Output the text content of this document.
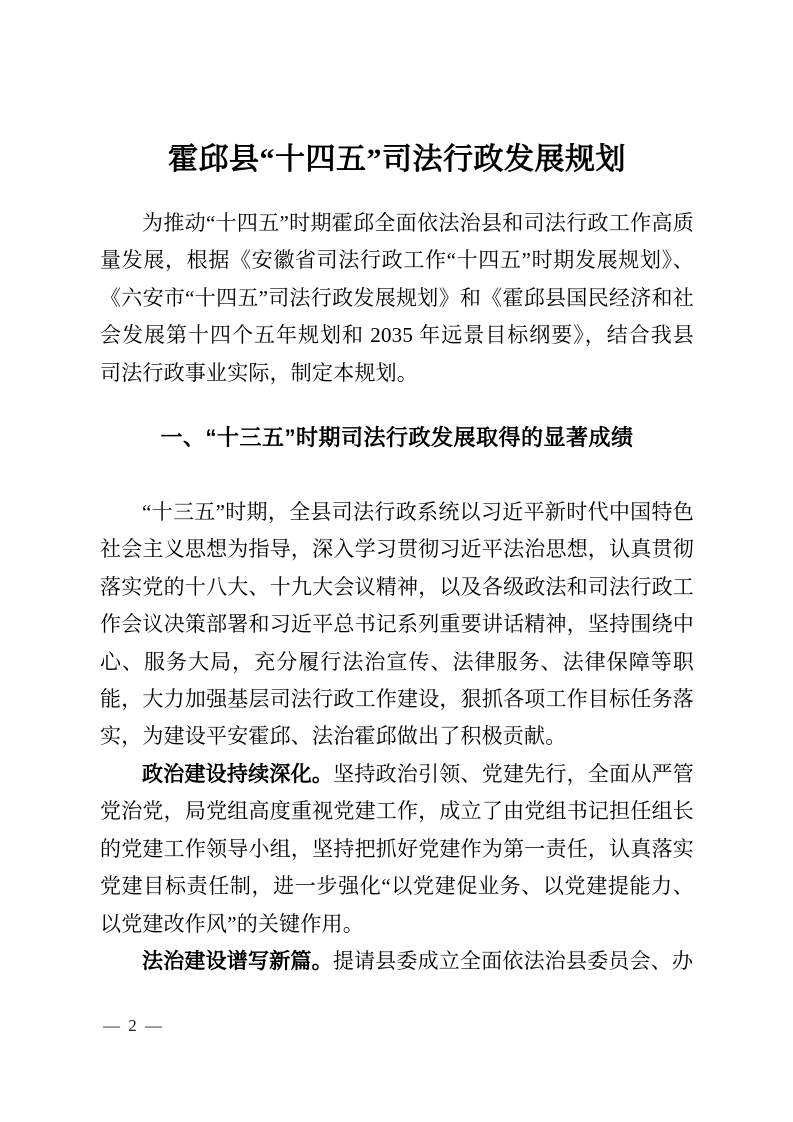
霍邱县“十四五”司法行政发展规划

为推动“十四五”时期霍邱全面依法治县和司法行政工作高质量发展，根据《安徽省司法行政工作“十四五”时期发展规划》、《六安市“十四五”司法行政发展规划》和《霍邱县国民经济和社会发展第十四个五年规划和 2035 年远景目标纲要》，结合我县司法行政事业实际，制定本规划。

一、“十三五”时期司法行政发展取得的显著成绩

“十三五”时期，全县司法行政系统以习近平新时代中国特色社会主义思想为指导，深入学习贯彻习近平法治思想，认真贯彻落实党的十八大、十九大会议精神，以及各级政法和司法行政工作会议决策部署和习近平总书记系列重要讲话精神，坚持围绕中心、服务大局，充分履行法治宣传、法律服务、法律保障等职能，大力加强基层司法行政工作建设，狠抓各项工作目标任务落实，为建设平安霍邱、法治霍邱做出了积极贡献。

政治建设持续深化。坚持政治引领、党建先行，全面从严管党治党，局党组高度重视党建工作，成立了由党组书记担任组长的党建工作领导小组，坚持把抓好党建作为第一责任，认真落实党建目标责任制，进一步强化“以党建促业务、以党建提能力、以党建改作风”的关键作用。

法治建设谱写新篇。提请县委成立全面依法治县委员会、办

— 2 —
